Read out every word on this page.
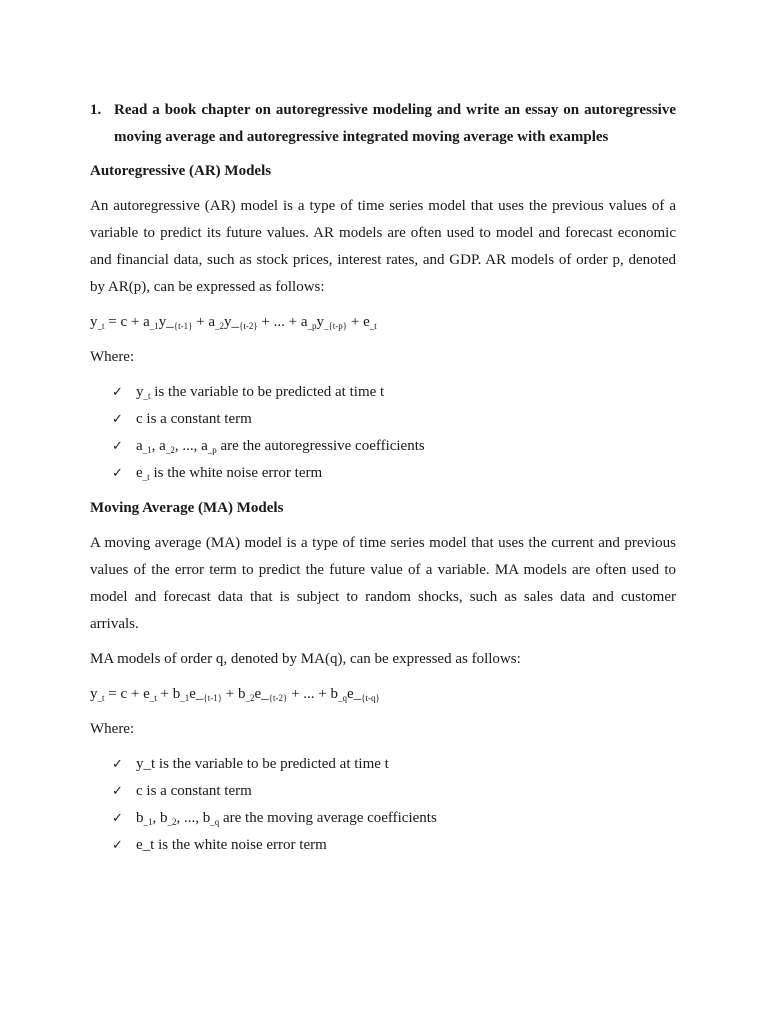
1. Read a book chapter on autoregressive modeling and write an essay on autoregressive moving average and autoregressive integrated moving average with examples
Autoregressive (AR) Models

An autoregressive (AR) model is a type of time series model that uses the previous values of a variable to predict its future values. AR models are often used to model and forecast economic and financial data, such as stock prices, interest rates, and GDP. AR models of order p, denoted by AR(p), can be expressed as follows:

$y_{\_t} = c$ + $a_{\_1}y\__{\{t-1\}}$ + $a_{\_2}y\__{\{t-2\}}$ + ... + $a_{\_p}y_{\_\{t-p\}} + e_{\_t}$

Where:

✓ $y_{\_t}$ is the variable to be predicted at time t
✓ c is a constant term
✓ $a_{\_1}$, $a_{\_2}$, ..., $a_{\_p}$ are the autoregressive coefficients
✓ $e_{\_t}$ is the white noise error term
Moving Average (MA) Models

A moving average (MA) model is a type of time series model that uses the current and previous values of the error term to predict the future value of a variable. MA models are often used to model and forecast data that is subject to random shocks, such as sales data and customer arrivals.

MA models of order q, denoted by MA(q), can be expressed as follows:

$y_{\_t} = c + e_{\_t}$ + $b_{\_1}e\__{\{t-1\}}$ + $b_{\_2}e\__{\{t-2\}}$ + ... + $b_{\_q}e\__{\{t-q\}}$

Where:

✓ y_t is the variable to be predicted at time t
✓ c is a constant term
✓ $b_{\_1}$, $b_{\_2}$, ..., $b_{\_q}$ are the moving average coefficients
✓ e_t is the white noise error term
